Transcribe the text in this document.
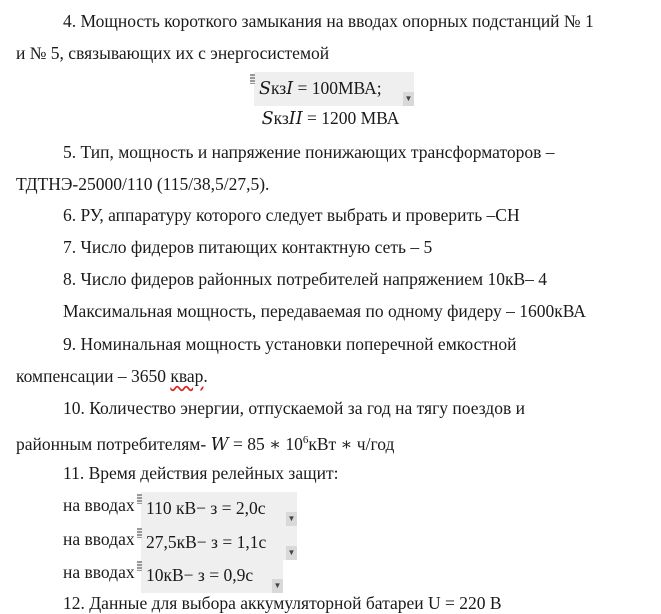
4. Мощность короткого замыкания на вводах опорных подстанций № 1
и № 5, связывающих их с энергосистемой
SкзI = 100МВА;
▼
SкзII = 1200 МВА
5. Тип, мощность и напряжение понижающих трансформаторов –
ТДТНЭ-25000/110 (115/38,5/27,5).
6. РУ, аппаратуру которого следует выбрать и проверить –СН
7. Число фидеров питающих контактную сеть – 5
8. Число фидеров районных потребителей напряжением 10кВ– 4
Максимальная мощность, передаваемая по одному фидеру – 1600кВА
9. Номинальная мощность установки поперечной емкостной
компенсации – 3650 квар.
10. Количество энергии, отпускаемой за год на тягу поездов и
районным потребителям- W = 85 ∗ $10^6кВт$ ∗ ч/год
11. Время действия релейных защит:
на вводах 110 кВ− з = 2,0с
▼
на вводах 27,5кВ− з = 1,1с
▼
на вводах 10кВ− з = 0,9с
▼
12. Данные для выбора аккумуляторной батареи U = 220 В
